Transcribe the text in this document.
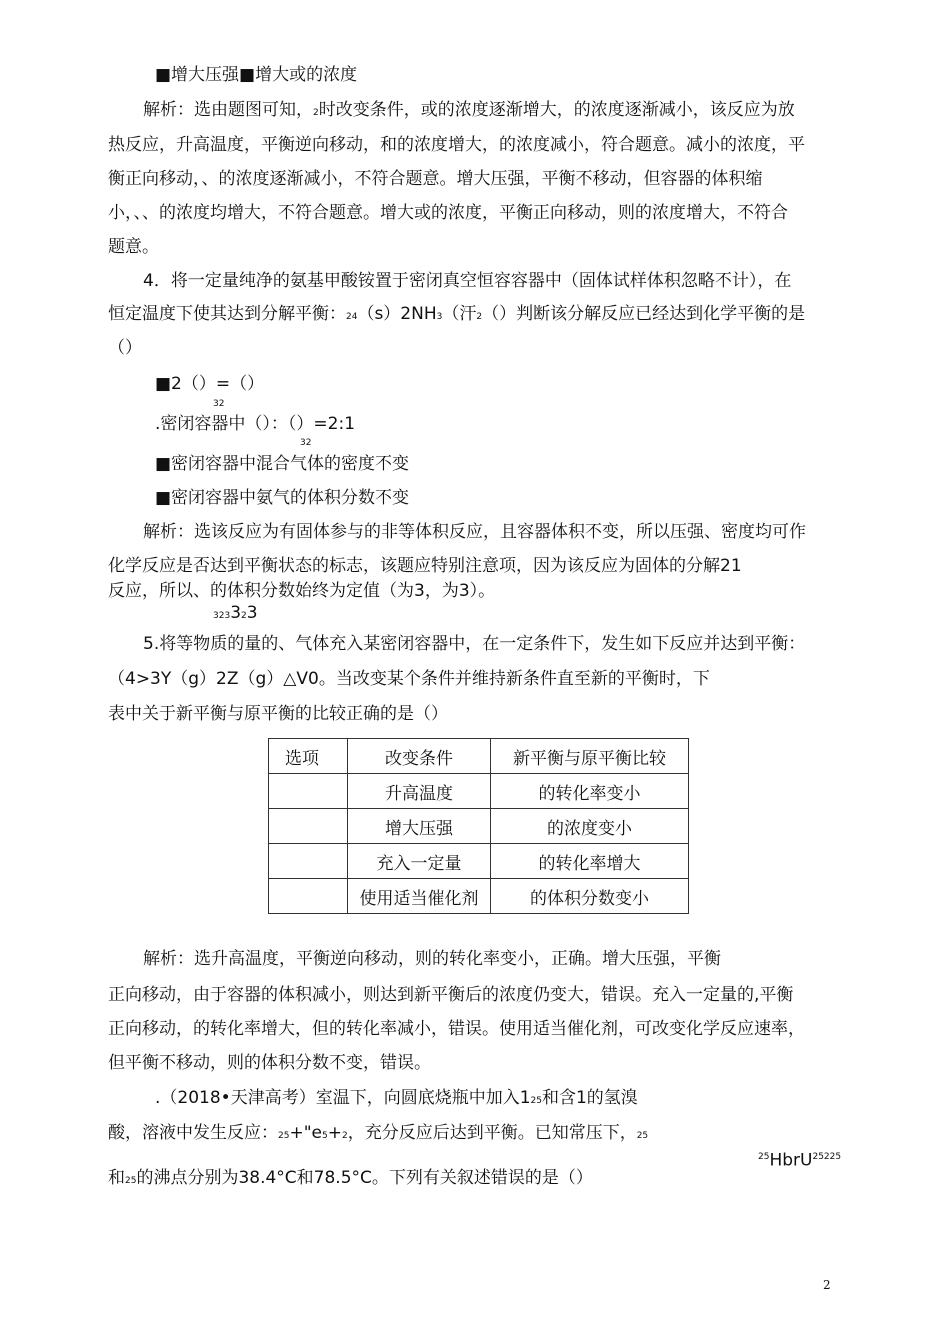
■增大压强■增大或的浓度
解析：选由题图可知，2时改变条件，或的浓度逐渐增大，的浓度逐渐减小，该反应为放
热反应，升高温度，平衡逆向移动，和的浓度增大，的浓度减小，符合题意。减小的浓度，平
衡正向移动，、的浓度逐渐减小，不符合题意。增大压强，平衡不移动，但容器的体积缩
小，、、的浓度均增大，不符合题意。增大或的浓度，平衡正向移动，则的浓度增大，不符合
题意。
4．将一定量纯净的氨基甲酸铵置于密闭真空恒容容器中（固体试样体积忽略不计），在
恒定温度下使其达到分解平衡：24（s）2NH3（汗2（）判断该分解反应已经达到化学平衡的是
（）
■2（）=（）
32
.密闭容器中（）：（）=2:1
32
■密闭容器中混合气体的密度不变
■密闭容器中氨气的体积分数不变
解析：选该反应为有固体参与的非等体积反应，且容器体积不变，所以压强、密度均可作
化学反应是否达到平衡状态的标志，该题应特别注意项，因为该反应为固体的分解21
反应，所以、的体积分数始终为定值（为3，为3）。
323323
5.将等物质的量的、气体充入某密闭容器中，在一定条件下，发生如下反应并达到平衡：
（4>3Y（g）2Z（g）△V0。当改变某个条件并维持新条件直至新的平衡时，下
表中关于新平衡与原平衡的比较正确的是（）
选项	改变条件	新平衡与原平衡比较
	升高温度	的转化率变小
	增大压强	的浓度变小
	充入一定量	的转化率增大
	使用适当催化剂	的体积分数变小
解析：选升高温度，平衡逆向移动，则的转化率变小，正确。增大压强，平衡
正向移动，由于容器的体积减小，则达到新平衡后的浓度仍变大，错误。充入一定量的,平衡
正向移动，的转化率增大，但的转化率减小，错误。使用适当催化剂，可改变化学反应速率，
但平衡不移动，则的体积分数不变，错误。
.（2018•天津高考）室温下，向圆底烧瓶中加入125和含1的氢溴
酸，溶液中发生反应：25+"e5+2，充分反应后达到平衡。已知常压下，25
$^{25}$HbrU$^{25225}$
和25的沸点分别为38.4°C和78.5°C。下列有关叙述错误的是（）
2
